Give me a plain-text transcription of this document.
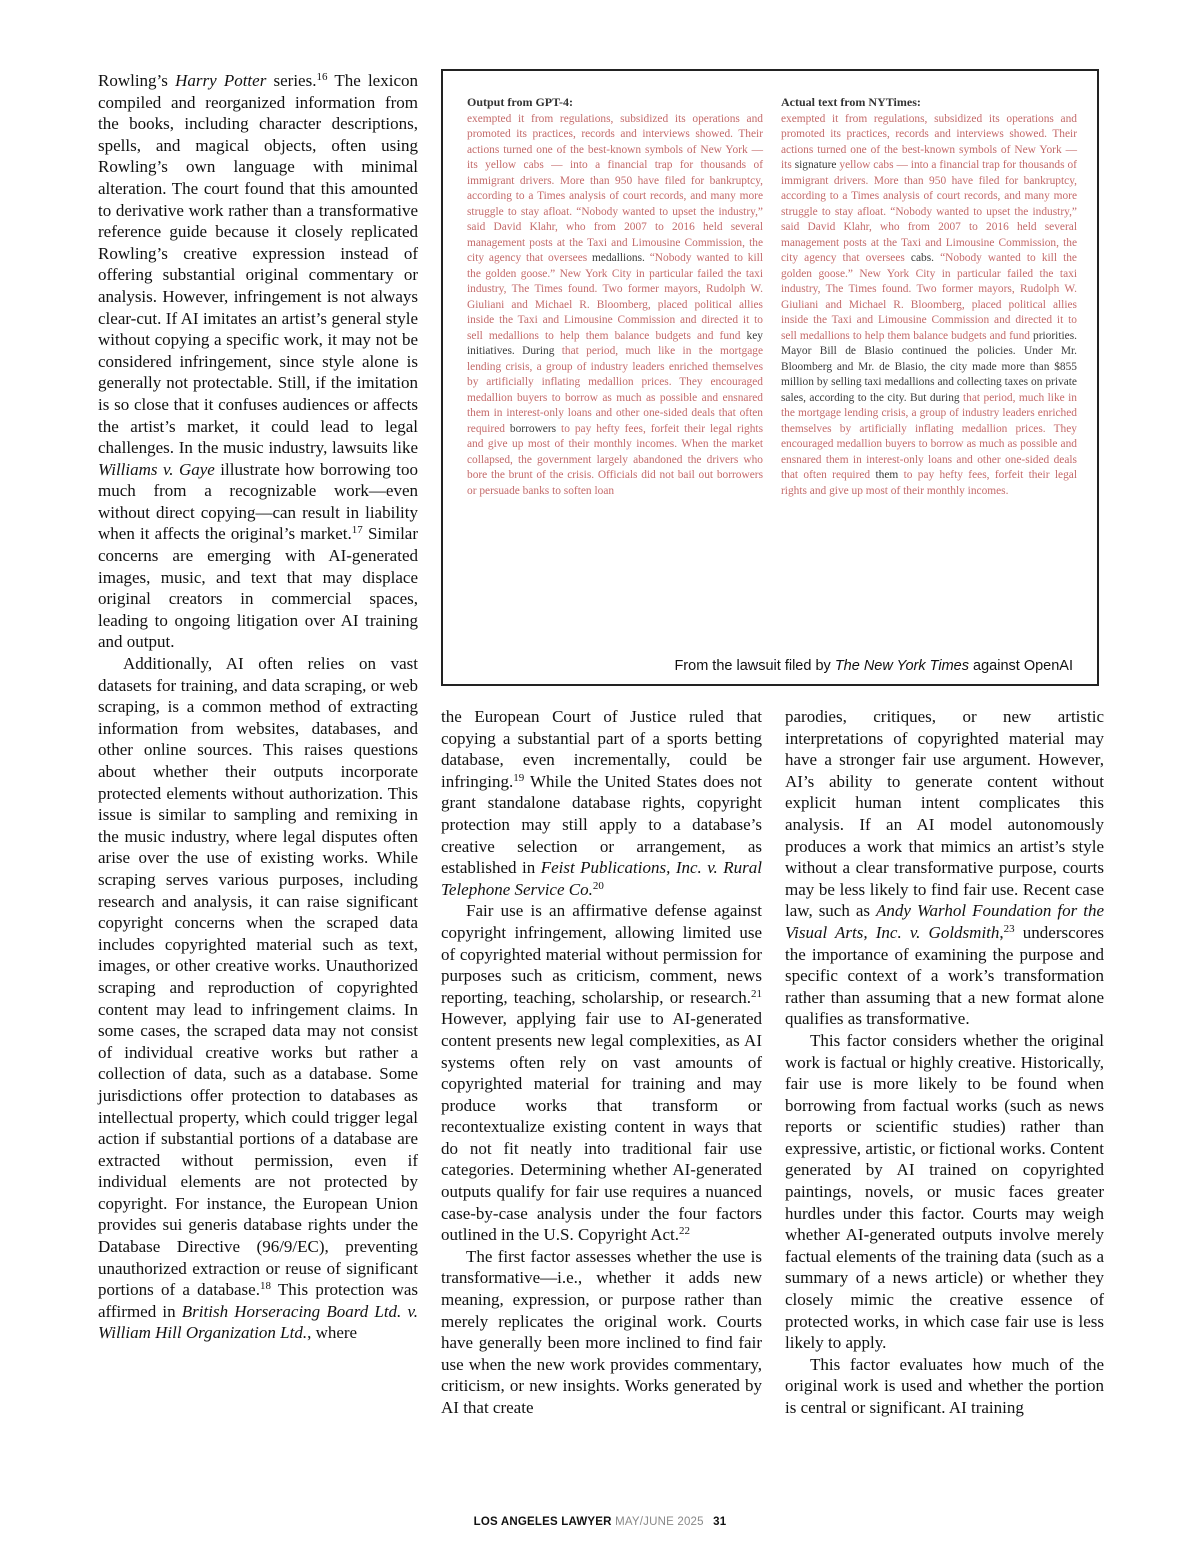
Rowling’s Harry Potter series.$^{16}$ The lexicon compiled and reorganized information from the books, including character descriptions, spells, and magical objects, often using Rowling’s own language with minimal alteration. The court found that this amounted to derivative work rather than a transformative reference guide because it closely replicated Rowling’s creative expression instead of offering substantial original commentary or analysis. However, infringement is not always clear-cut. If AI imitates an artist’s general style without copying a specific work, it may not be considered infringement, since style alone is generally not protectable. Still, if the imitation is so close that it confuses audiences or affects the artist’s market, it could lead to legal challenges. In the music industry, lawsuits like Williams v. Gaye illustrate how borrowing too much from a recognizable work—even without direct copying—can result in liability when it affects the original’s market.$^{17}$ Similar concerns are emerging with AI-generated images, music, and text that may displace original creators in commercial spaces, leading to ongoing litigation over AI training and output.

Additionally, AI often relies on vast datasets for training, and data scraping, or web scraping, is a common method of extracting information from websites, databases, and other online sources. This raises questions about whether their outputs incorporate protected elements without authorization. This issue is similar to sampling and remixing in the music industry, where legal disputes often arise over the use of existing works. While scraping serves various purposes, including research and analysis, it can raise significant copyright concerns when the scraped data includes copyrighted material such as text, images, or other creative works. Unauthorized scraping and reproduction of copyrighted content may lead to infringement claims. In some cases, the scraped data may not consist of individual creative works but rather a collection of data, such as a database. Some jurisdictions offer protection to databases as intellectual property, which could trigger legal action if substantial portions of a database are extracted without permission, even if individual elements are not protected by copyright. For instance, the European Union provides sui generis database rights under the Database Directive (96/9/EC), preventing unauthorized extraction or reuse of significant portions of a database.$^{18}$ This protection was affirmed in British Horseracing Board Ltd. v. William Hill Organization Ltd., where

Output from GPT-4:
exempted it from regulations, subsidized its operations and promoted its practices, records and interviews showed. Their actions turned one of the best-known symbols of New York — its yellow cabs — into a financial trap for thousands of immigrant drivers. More than 950 have filed for bankruptcy, according to a Times analysis of court records, and many more struggle to stay afloat. “Nobody wanted to upset the industry,” said David Klahr, who from 2007 to 2016 held several management posts at the Taxi and Limousine Commission, the city agency that oversees medallions. “Nobody wanted to kill the golden goose.” New York City in particular failed the taxi industry, The Times found. Two former mayors, Rudolph W. Giuliani and Michael R. Bloomberg, placed political allies inside the Taxi and Limousine Commission and directed it to sell medallions to help them balance budgets and fund key initiatives. During that period, much like in the mortgage lending crisis, a group of industry leaders enriched themselves by artificially inflating medallion prices. They encouraged medallion buyers to borrow as much as possible and ensnared them in interest-only loans and other one-sided deals that often required borrowers to pay hefty fees, forfeit their legal rights and give up most of their monthly incomes. When the market collapsed, the government largely abandoned the drivers who bore the brunt of the crisis. Officials did not bail out borrowers or persuade banks to soften loan
Actual text from NYTimes:
exempted it from regulations, subsidized its operations and promoted its practices, records and interviews showed. Their actions turned one of the best-known symbols of New York — its signature yellow cabs — into a financial trap for thousands of immigrant drivers. More than 950 have filed for bankruptcy, according to a Times analysis of court records, and many more struggle to stay afloat. “Nobody wanted to upset the industry,” said David Klahr, who from 2007 to 2016 held several management posts at the Taxi and Limousine Commission, the city agency that oversees cabs. “Nobody wanted to kill the golden goose.” New York City in particular failed the taxi industry, The Times found. Two former mayors, Rudolph W. Giuliani and Michael R. Bloomberg, placed political allies inside the Taxi and Limousine Commission and directed it to sell medallions to help them balance budgets and fund priorities. Mayor Bill de Blasio continued the policies. Under Mr. Bloomberg and Mr. de Blasio, the city made more than $855 million by selling taxi medallions and collecting taxes on private sales, according to the city. But during that period, much like in the mortgage lending crisis, a group of industry leaders enriched themselves by artificially inflating medallion prices. They encouraged medallion buyers to borrow as much as possible and ensnared them in interest-only loans and other one-sided deals that often required them to pay hefty fees, forfeit their legal rights and give up most of their monthly incomes.
From the lawsuit filed by The New York Times against OpenAI

the European Court of Justice ruled that copying a substantial part of a sports betting database, even incrementally, could be infringing.$^{19}$ While the United States does not grant standalone database rights, copyright protection may still apply to a database’s creative selection or arrangement, as established in Feist Publications, Inc. v. Rural Telephone Service Co.$^{20}$

Fair use is an affirmative defense against copyright infringement, allowing limited use of copyrighted material without permission for purposes such as criticism, comment, news reporting, teaching, scholarship, or research.$^{21}$ However, applying fair use to AI-generated content presents new legal complexities, as AI systems often rely on vast amounts of copyrighted material for training and may produce works that transform or recontextualize existing content in ways that do not fit neatly into traditional fair use categories. Determining whether AI-generated outputs qualify for fair use requires a nuanced case-by-case analysis under the four factors outlined in the U.S. Copyright Act.$^{22}$

The first factor assesses whether the use is transformative—i.e., whether it adds new meaning, expression, or purpose rather than merely replicates the original work. Courts have generally been more inclined to find fair use when the new work provides commentary, criticism, or new insights. Works generated by AI that create

parodies, critiques, or new artistic interpretations of copyrighted material may have a stronger fair use argument. However, AI’s ability to generate content without explicit human intent complicates this analysis. If an AI model autonomously produces a work that mimics an artist’s style without a clear transformative purpose, courts may be less likely to find fair use. Recent case law, such as Andy Warhol Foundation for the Visual Arts, Inc. v. Goldsmith,$^{23}$ underscores the importance of examining the purpose and specific context of a work’s transformation rather than assuming that a new format alone qualifies as transformative.

This factor considers whether the original work is factual or highly creative. Historically, fair use is more likely to be found when borrowing from factual works (such as news reports or scientific studies) rather than expressive, artistic, or fictional works. Content generated by AI trained on copyrighted paintings, novels, or music faces greater hurdles under this factor. Courts may weigh whether AI-generated outputs involve merely factual elements of the training data (such as a summary of a news article) or whether they closely mimic the creative essence of protected works, in which case fair use is less likely to apply.

This factor evaluates how much of the original work is used and whether the portion is central or significant. AI training

LOS ANGELES LAWYER MAY/JUNE 2025 31
